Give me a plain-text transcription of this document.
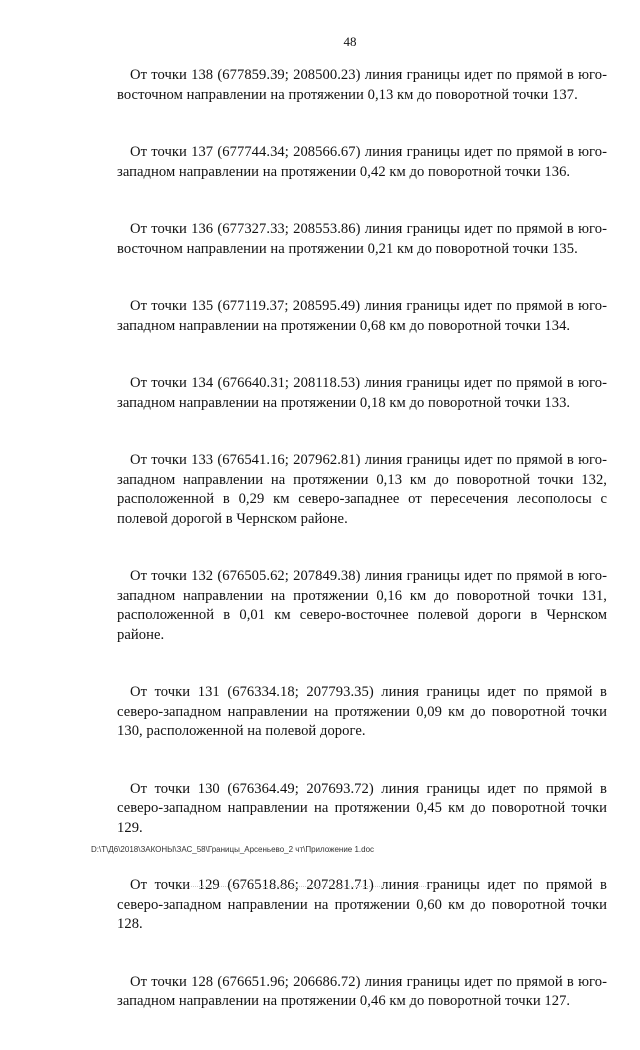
48

От точки 138 (677859.39; 208500.23) линия границы идет по прямой в юго-восточном направлении на протяжении 0,13 км до поворотной точки 137.

От точки 137 (677744.34; 208566.67) линия границы идет по прямой в юго-западном направлении на протяжении 0,42 км до поворотной точки 136.

От точки 136 (677327.33; 208553.86) линия границы идет по прямой в юго-восточном направлении на протяжении 0,21 км до поворотной точки 135.

От точки 135 (677119.37; 208595.49) линия границы идет по прямой в юго-западном направлении на протяжении 0,68 км до поворотной точки 134.

От точки 134 (676640.31; 208118.53) линия границы идет по прямой в юго-западном направлении на протяжении 0,18 км до поворотной точки 133.

От точки 133 (676541.16; 207962.81) линия границы идет по прямой в юго-западном направлении на протяжении 0,13 км до поворотной точки 132, расположенной в 0,29 км северо-западнее от пересечения лесополосы с полевой дорогой в Чернском районе.

От точки 132 (676505.62; 207849.38) линия границы идет по прямой в юго-западном направлении на протяжении 0,16 км до поворотной точки 131, расположенной в 0,01 км северо-восточнее полевой дороги в Чернском районе.

От точки 131 (676334.18; 207793.35) линия границы идет по прямой в северо-западном направлении на протяжении 0,09 км до поворотной точки 130, расположенной на полевой дороге.

От точки 130 (676364.49; 207693.72) линия границы идет по прямой в северо-западном направлении на протяжении 0,45 км до поворотной точки 129.

От точки 129 (676518.86; 207281.71) линия границы идет по прямой в северо-западном направлении на протяжении 0,60 км до поворотной точки 128.

От точки 128 (676651.96; 206686.72) линия границы идет по прямой в юго-западном направлении на протяжении 0,46 км до поворотной точки 127.

D:\Т\Д6\2018\ЗАКОНЫ\ЗАС_58\Границы_Арсеньево_2 чт\Приложение 1.doc
